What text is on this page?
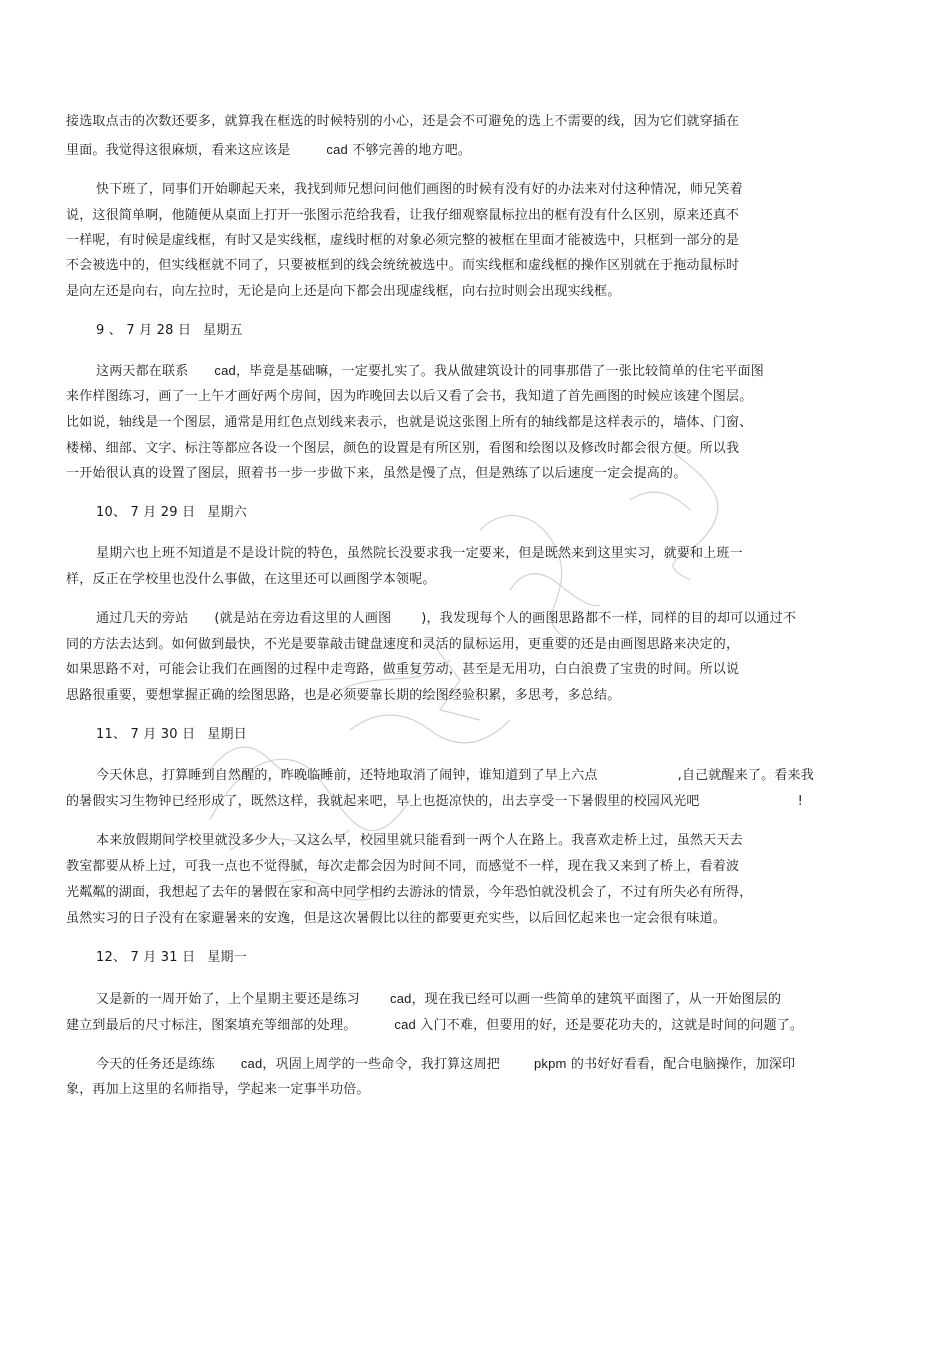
接选取点击的次数还要多，就算我在框选的时候特别的小心，还是会不可避免的选上不需要的线，因为它们就穿插在
里面。我觉得这很麻烦，看来这应该是	cad 不够完善的地方吧。
快下班了，同事们开始聊起天来，我找到师兄想问问他们画图的时候有没有好的办法来对付这种情况，师兄笑着
说，这很简单啊，他随便从桌面上打开一张图示范给我看，让我仔细观察鼠标拉出的框有没有什么区别，原来还真不
一样呢，有时候是虚线框，有时又是实线框，虚线时框的对象必须完整的被框在里面才能被选中，只框到一部分的是
不会被选中的，但实线框就不同了，只要被框到的线会统统被选中。而实线框和虚线框的操作区别就在于拖动鼠标时
是向左还是向右，向左拉时，无论是向上还是向下都会出现虚线框，向右拉时则会出现实线框。
9 、 7 月 28 日 星期五
这两天都在联系 cad，毕竟是基础嘛，一定要扎实了。我从做建筑设计的同事那借了一张比较简单的住宅平面图
来作样图练习，画了一上午才画好两个房间，因为昨晚回去以后又看了会书，我知道了首先画图的时候应该建个图层。
比如说，轴线是一个图层，通常是用红色点划线来表示，也就是说这张图上所有的轴线都是这样表示的，墙体、门窗、
楼梯、细部、文字、标注等都应各设一个图层，颜色的设置是有所区别，看图和绘图以及修改时都会很方便。所以我
一开始很认真的设置了图层，照着书一步一步做下来，虽然是慢了点，但是熟练了以后速度一定会提高的。
10、 7 月 29 日 星期六
星期六也上班不知道是不是设计院的特色，虽然院长没要求我一定要来，但是既然来到这里实习，就要和上班一
样，反正在学校里也没什么事做，在这里还可以画图学本领呢。
通过几天的旁站 (就是站在旁边看这里的人画图 )，我发现每个人的画图思路都不一样，同样的目的却可以通过不
同的方法去达到。如何做到最快，不光是要靠敲击键盘速度和灵活的鼠标运用，更重要的还是由画图思路来决定的，
如果思路不对，可能会让我们在画图的过程中走弯路，做重复劳动，甚至是无用功，白白浪费了宝贵的时间。所以说
思路很重要，要想掌握正确的绘图思路，也是必须要靠长期的绘图经验积累，多思考，多总结。
11、 7 月 30 日 星期日
今天休息，打算睡到自然醒的，昨晚临睡前，还特地取消了闹钟，谁知道到了早上六点	,自己就醒来了。看来我
的暑假实习生物钟已经形成了，既然这样，我就起来吧，早上也挺凉快的，出去享受一下暑假里的校园风光吧	!
本来放假期间学校里就没多少人，又这么早，校园里就只能看到一两个人在路上。我喜欢走桥上过，虽然天天去
教室都要从桥上过，可我一点也不觉得腻，每次走都会因为时间不同，而感觉不一样，现在我又来到了桥上，看着波
光粼粼的湖面，我想起了去年的暑假在家和高中同学相约去游泳的情景，今年恐怕就没机会了，不过有所失必有所得，
虽然实习的日子没有在家避暑来的安逸，但是这次暑假比以往的都要更充实些，以后回忆起来也一定会很有味道。
12、 7 月 31 日 星期一
又是新的一周开始了，上个星期主要还是练习 cad，现在我已经可以画一些简单的建筑平面图了，从一开始图层的
建立到最后的尺寸标注，图案填充等细部的处理。	cad 入门不难，但要用的好，还是要花功夫的，这就是时间的问题了。
今天的任务还是练练 cad，巩固上周学的一些命令，我打算这周把	pkpm 的书好好看看，配合电脑操作，加深印
象，再加上这里的名师指导，学起来一定事半功倍。
